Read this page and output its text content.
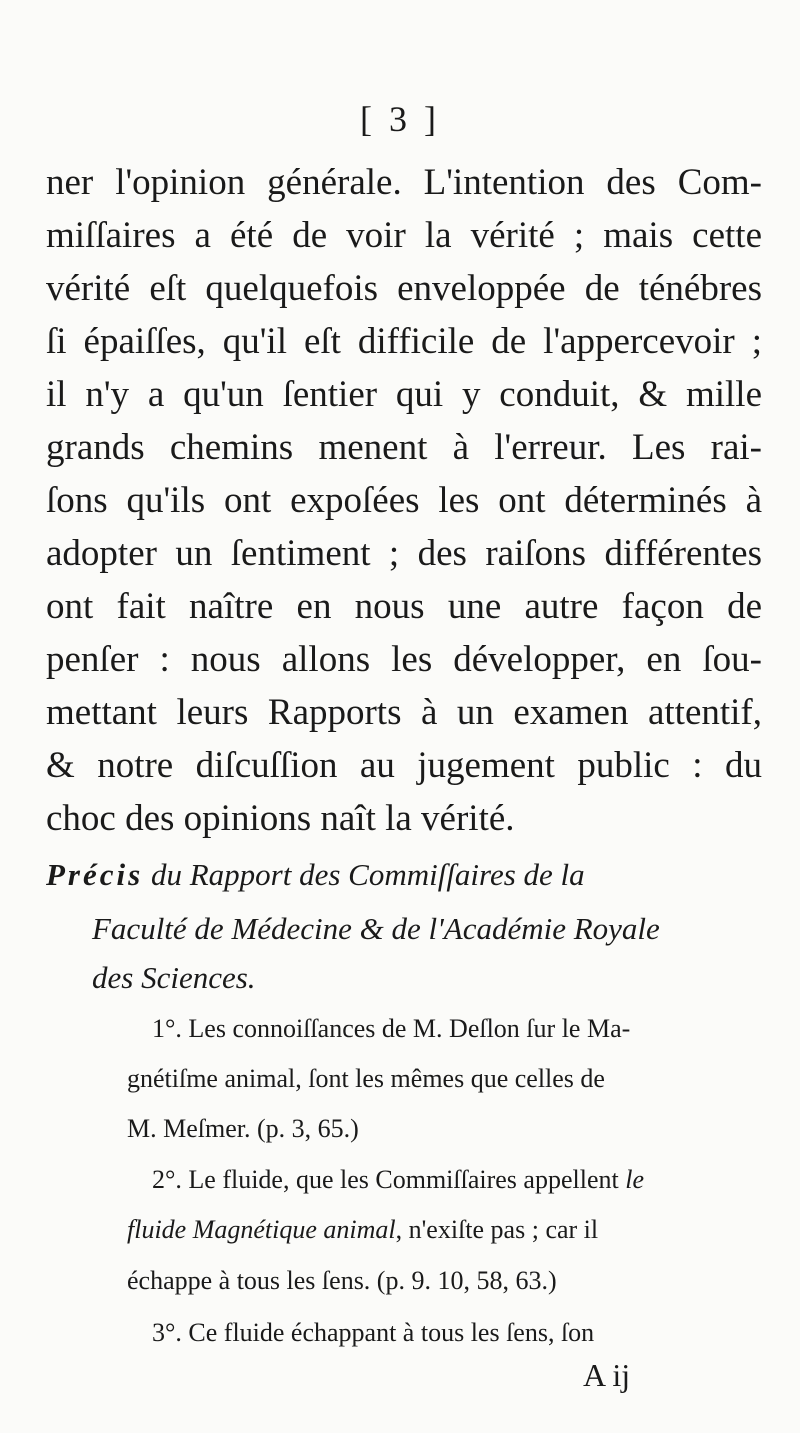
[ 3 ]
ner l'opinion générale. L'intention des Com-
miſſaires a été de voir la vérité ; mais cette
vérité eſt quelquefois enveloppée de ténébres
ſi épaiſſes, qu'il eſt difficile de l'appercevoir ;
il n'y a qu'un ſentier qui y conduit, & mille
grands chemins menent à l'erreur. Les rai-
ſons qu'ils ont expoſées les ont déterminés à
adopter un ſentiment ; des raiſons différentes
ont fait naître en nous une autre façon de
penſer : nous allons les développer, en ſou-
mettant leurs Rapports à un examen attentif,
& notre diſcuſſion au jugement public : du
choc des opinions naît la vérité.
Précis du Rapport des Commiſſaires de la
Faculté de Médecine & de l'Académie Royale
des Sciences.
1°. Les connoiſſances de M. Deſlon ſur le Ma-
gnétiſme animal, ſont les mêmes que celles de
M. Meſmer. (p. 3, 65.)
2°. Le fluide, que les Commiſſaires appellent le
fluide Magnétique animal, n'exiſte pas ; car il
échappe à tous les ſens. (p. 9. 10, 58, 63.)
3°. Ce fluide échappant à tous les ſens, ſon
A ij
